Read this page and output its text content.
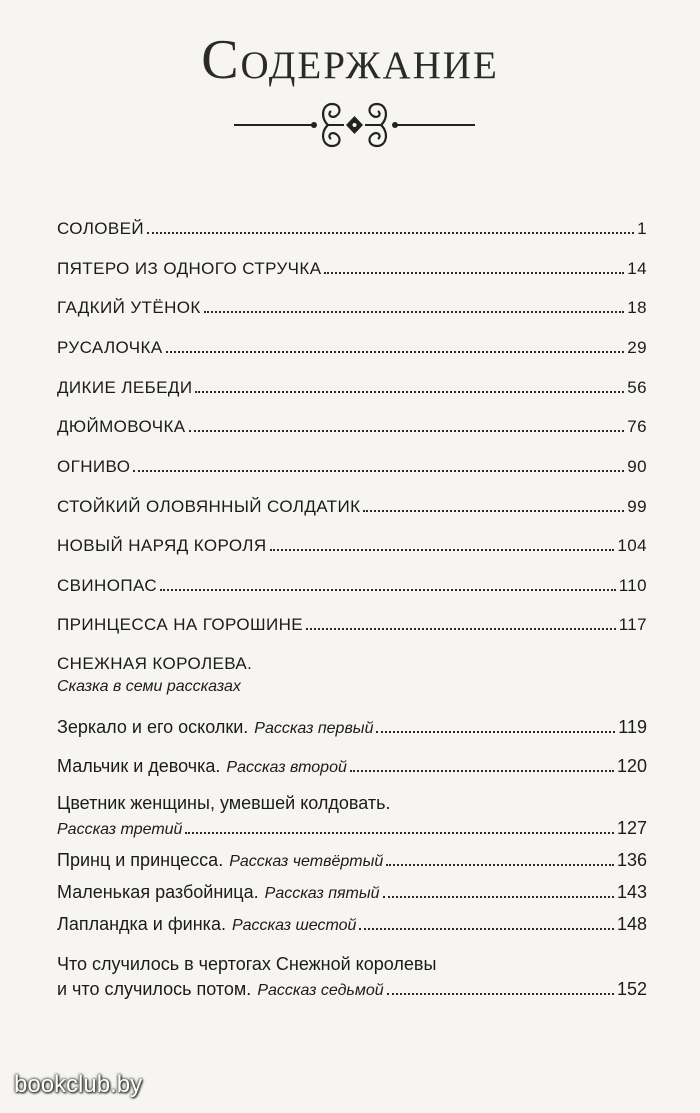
Содержание
СОЛОВЕЙ	1
ПЯТЕРО ИЗ ОДНОГО СТРУЧКА	14
ГАДКИЙ УТЁНОК	18
РУСАЛОЧКА	29
ДИКИЕ ЛЕБЕДИ	56
ДЮЙМОВОЧКА	76
ОГНИВО	90
СТОЙКИЙ ОЛОВЯННЫЙ СОЛДАТИК	99
НОВЫЙ НАРЯД КОРОЛЯ	104
СВИНОПАС	110
ПРИНЦЕССА НА ГОРОШИНЕ	117
СНЕЖНАЯ КОРОЛЕВА.
Сказка в семи рассказах
Зеркало и его осколки. Рассказ первый	119
Мальчик и девочка. Рассказ второй	120
Цветник женщины, умевшей колдовать.
Рассказ третий	127
Принц и принцесса. Рассказ четвёртый	136
Маленькая разбойница. Рассказ пятый	143
Лапландка и финка. Рассказ шестой	148
Что случилось в чертогах Снежной королевы
и что случилось потом. Рассказ седьмой	152
bookclub.by
